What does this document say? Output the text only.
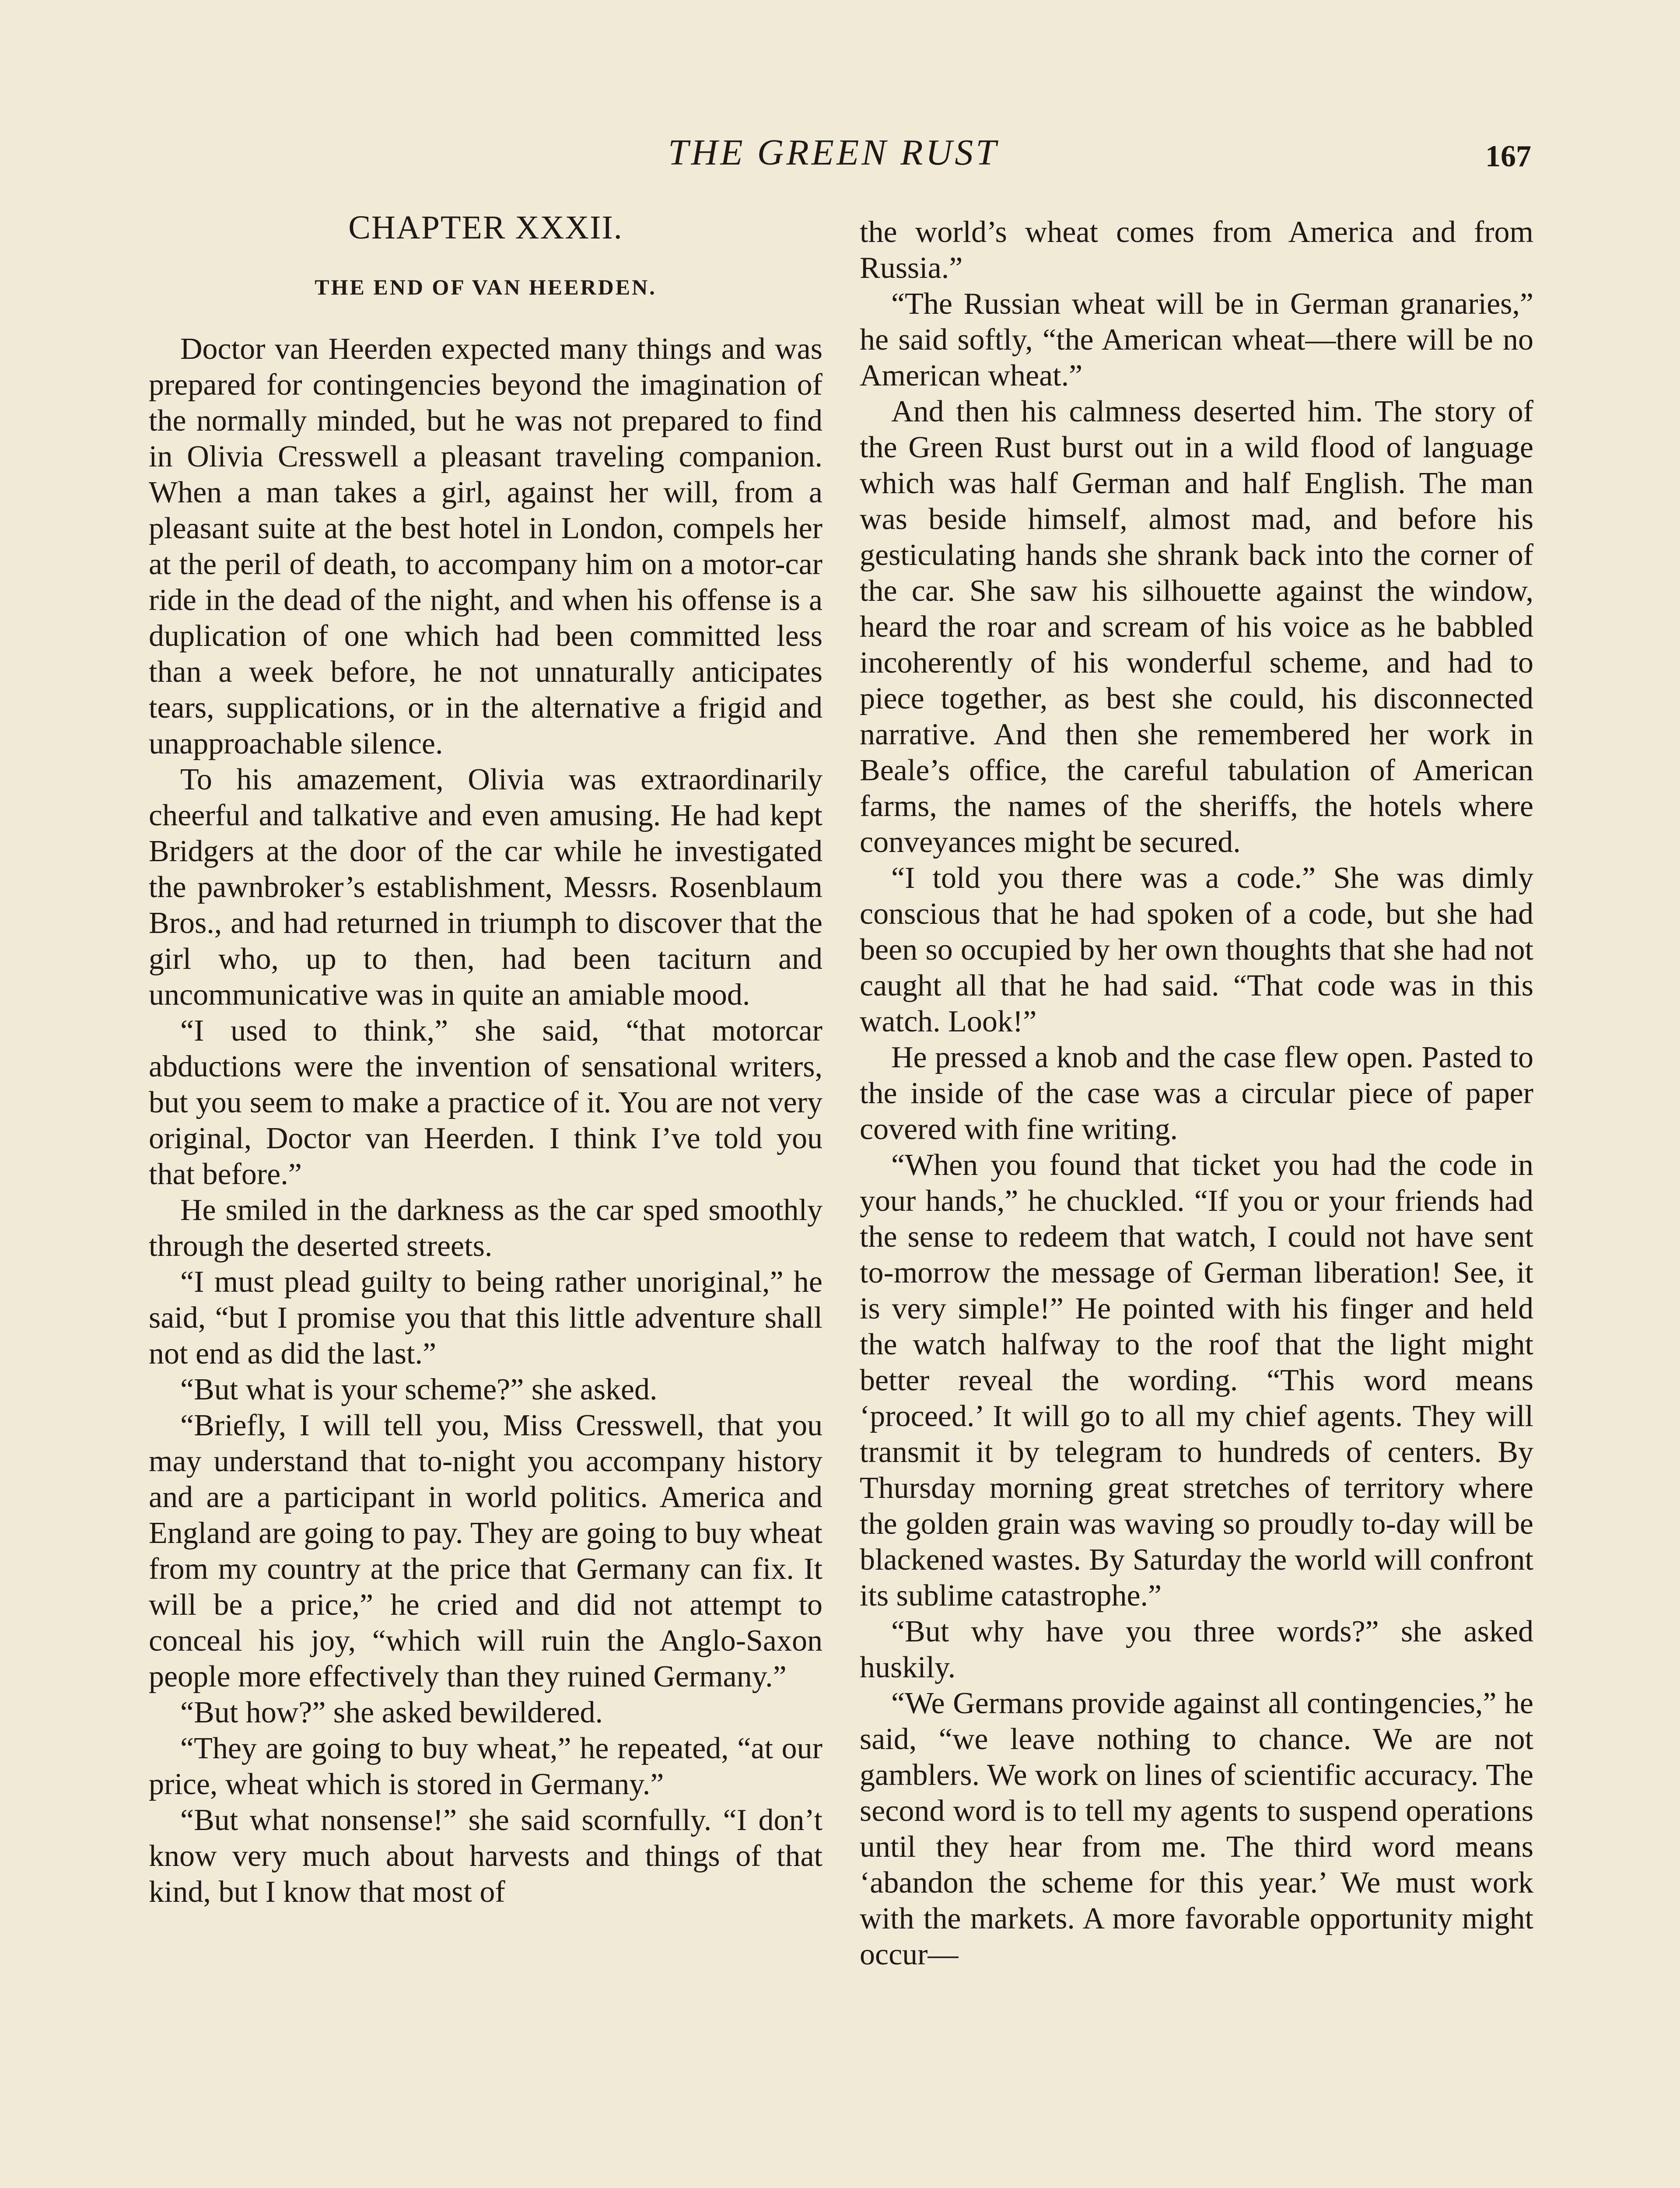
THE GREEN RUST	167
CHAPTER XXXII.
THE END OF VAN HEERDEN.

Doctor van Heerden expected many things and was prepared for contingencies beyond the imagination of the normally minded, but he was not prepared to find in Olivia Cresswell a pleasant traveling companion. When a man takes a girl, against her will, from a pleasant suite at the best hotel in London, compels her at the peril of death, to accompany him on a motor-car ride in the dead of the night, and when his offense is a duplication of one which had been committed less than a week before, he not unnaturally anticipates tears, supplications, or in the alternative a frigid and unapproachable silence.

To his amazement, Olivia was extraordinarily cheerful and talkative and even amusing. He had kept Bridgers at the door of the car while he investigated the pawnbroker’s establishment, Messrs. Rosenblaum Bros., and had returned in triumph to discover that the girl who, up to then, had been taciturn and uncommunicative was in quite an amiable mood.

“I used to think,” she said, “that motorcar abductions were the invention of sensational writers, but you seem to make a practice of it. You are not very original, Doctor van Heerden. I think I’ve told you that before.”

He smiled in the darkness as the car sped smoothly through the deserted streets.

“I must plead guilty to being rather unoriginal,” he said, “but I promise you that this little adventure shall not end as did the last.”

“But what is your scheme?” she asked.

“Briefly, I will tell you, Miss Cresswell, that you may understand that to-night you accompany history and are a participant in world politics. America and England are going to pay. They are going to buy wheat from my country at the price that Germany can fix. It will be a price,” he cried and did not attempt to conceal his joy, “which will ruin the Anglo-Saxon people more effectively than they ruined Germany.”

“But how?” she asked bewildered.

“They are going to buy wheat,” he repeated, “at our price, wheat which is stored in Germany.”

“But what nonsense!” she said scornfully. “I don’t know very much about harvests and things of that kind, but I know that most of

the world’s wheat comes from America and from Russia.”

“The Russian wheat will be in German granaries,” he said softly, “the American wheat—there will be no American wheat.”

And then his calmness deserted him. The story of the Green Rust burst out in a wild flood of language which was half German and half English. The man was beside himself, almost mad, and before his gesticulating hands she shrank back into the corner of the car. She saw his silhouette against the window, heard the roar and scream of his voice as he babbled incoherently of his wonderful scheme, and had to piece together, as best she could, his disconnected narrative. And then she remembered her work in Beale’s office, the careful tabulation of American farms, the names of the sheriffs, the hotels where conveyances might be secured.

“I told you there was a code.” She was dimly conscious that he had spoken of a code, but she had been so occupied by her own thoughts that she had not caught all that he had said. “That code was in this watch. Look!”

He pressed a knob and the case flew open. Pasted to the inside of the case was a circular piece of paper covered with fine writing.

“When you found that ticket you had the code in your hands,” he chuckled. “If you or your friends had the sense to redeem that watch, I could not have sent to-morrow the message of German liberation! See, it is very simple!” He pointed with his finger and held the watch halfway to the roof that the light might better reveal the wording. “This word means ‘proceed.’ It will go to all my chief agents. They will transmit it by telegram to hundreds of centers. By Thursday morning great stretches of territory where the golden grain was waving so proudly to-day will be blackened wastes. By Saturday the world will confront its sublime catastrophe.”

“But why have you three words?” she asked huskily.

“We Germans provide against all contingencies,” he said, “we leave nothing to chance. We are not gamblers. We work on lines of scientific accuracy. The second word is to tell my agents to suspend operations until they hear from me. The third word means ‘abandon the scheme for this year.’ We must work with the markets. A more favorable opportunity might occur—
